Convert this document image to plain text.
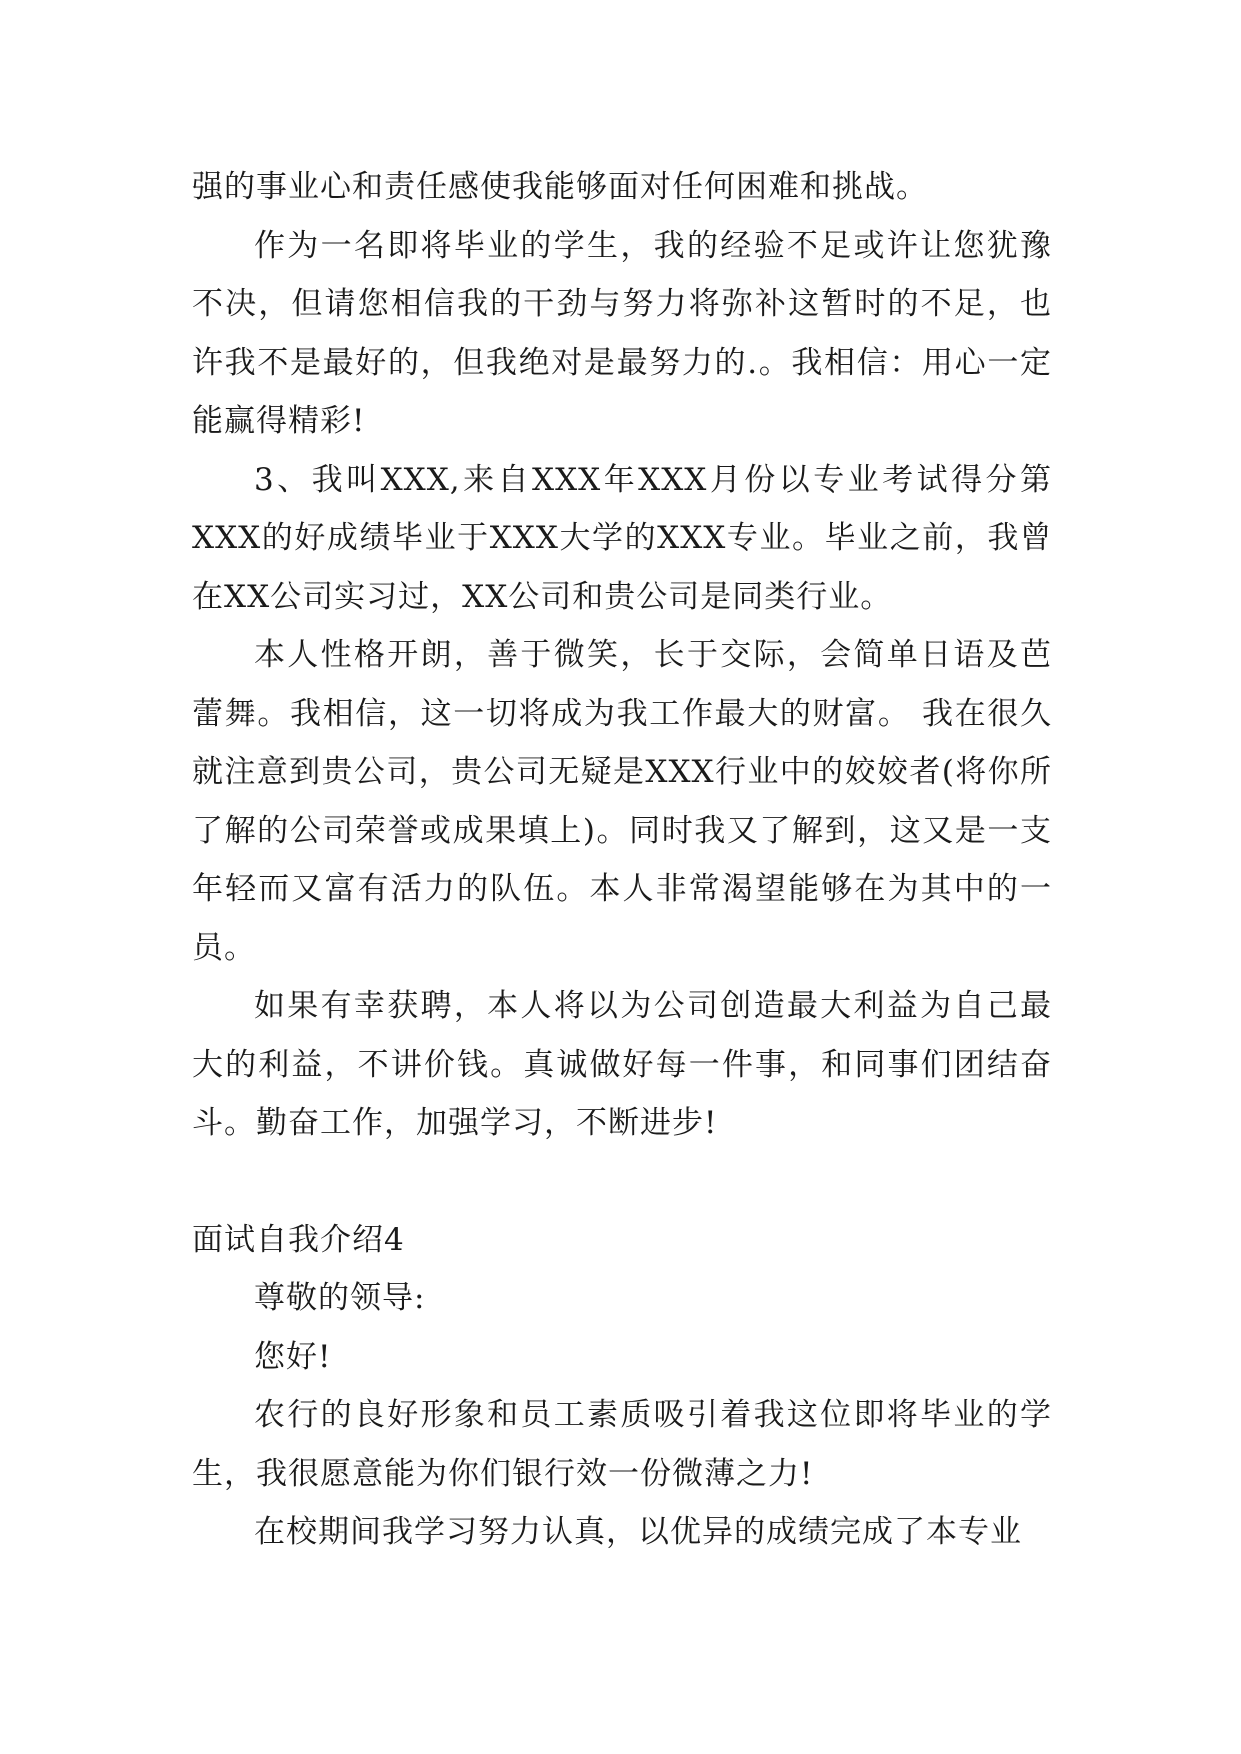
强的事业心和责任感使我能够面对任何困难和挑战。

作为一名即将毕业的学生，我的经验不足或许让您犹豫不决，但请您相信我的干劲与努力将弥补这暂时的不足，也许我不是最好的，但我绝对是最努力的.。我相信：用心一定能赢得精彩!

3、我叫XXX,来自XXX年XXX月份以专业考试得分第XXX的好成绩毕业于XXX大学的XXX专业。毕业之前，我曾在XX公司实习过，XX公司和贵公司是同类行业。

本人性格开朗，善于微笑，长于交际，会简单日语及芭蕾舞。我相信，这一切将成为我工作最大的财富。 我在很久就注意到贵公司，贵公司无疑是XXX行业中的姣姣者(将你所了解的公司荣誉或成果填上)。同时我又了解到，这又是一支年轻而又富有活力的队伍。本人非常渴望能够在为其中的一员。

如果有幸获聘，本人将以为公司创造最大利益为自己最大的利益，不讲价钱。真诚做好每一件事，和同事们团结奋斗。勤奋工作，加强学习，不断进步!

面试自我介绍4

尊敬的领导:

您好!

农行的良好形象和员工素质吸引着我这位即将毕业的学生，我很愿意能为你们银行效一份微薄之力!

在校期间我学习努力认真，以优异的成绩完成了本专业
